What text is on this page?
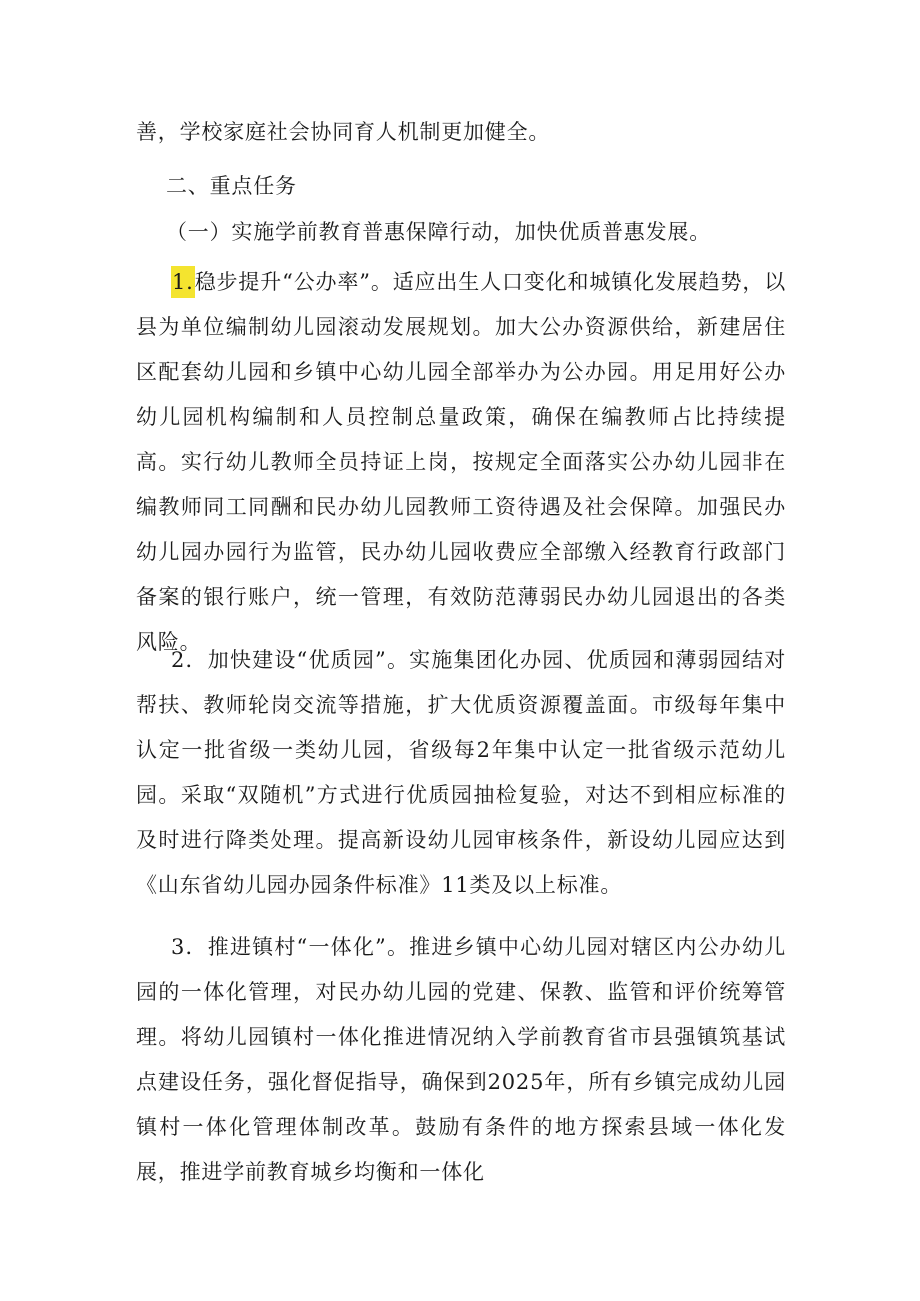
善，学校家庭社会协同育人机制更加健全。

二、重点任务

（一）实施学前教育普惠保障行动，加快优质普惠发展。

1.稳步提升“公办率”。适应出生人口变化和城镇化发展趋势，以县为单位编制幼儿园滚动发展规划。加大公办资源供给，新建居住区配套幼儿园和乡镇中心幼儿园全部举办为公办园。用足用好公办幼儿园机构编制和人员控制总量政策，确保在编教师占比持续提高。实行幼儿教师全员持证上岗，按规定全面落实公办幼儿园非在编教师同工同酬和民办幼儿园教师工资待遇及社会保障。加强民办幼儿园办园行为监管，民办幼儿园收费应全部缴入经教育行政部门备案的银行账户，统一管理，有效防范薄弱民办幼儿园退出的各类风险。

2．加快建设“优质园”。实施集团化办园、优质园和薄弱园结对帮扶、教师轮岗交流等措施，扩大优质资源覆盖面。市级每年集中认定一批省级一类幼儿园，省级每2年集中认定一批省级示范幼儿园。采取“双随机”方式进行优质园抽检复验，对达不到相应标准的及时进行降类处理。提高新设幼儿园审核条件，新设幼儿园应达到《山东省幼儿园办园条件标准》11类及以上标准。

3．推进镇村“一体化”。推进乡镇中心幼儿园对辖区内公办幼儿园的一体化管理，对民办幼儿园的党建、保教、监管和评价统筹管理。将幼儿园镇村一体化推进情况纳入学前教育省市县强镇筑基试点建设任务，强化督促指导，确保到2025年，所有乡镇完成幼儿园镇村一体化管理体制改革。鼓励有条件的地方探索县域一体化发展，推进学前教育城乡均衡和一体化
